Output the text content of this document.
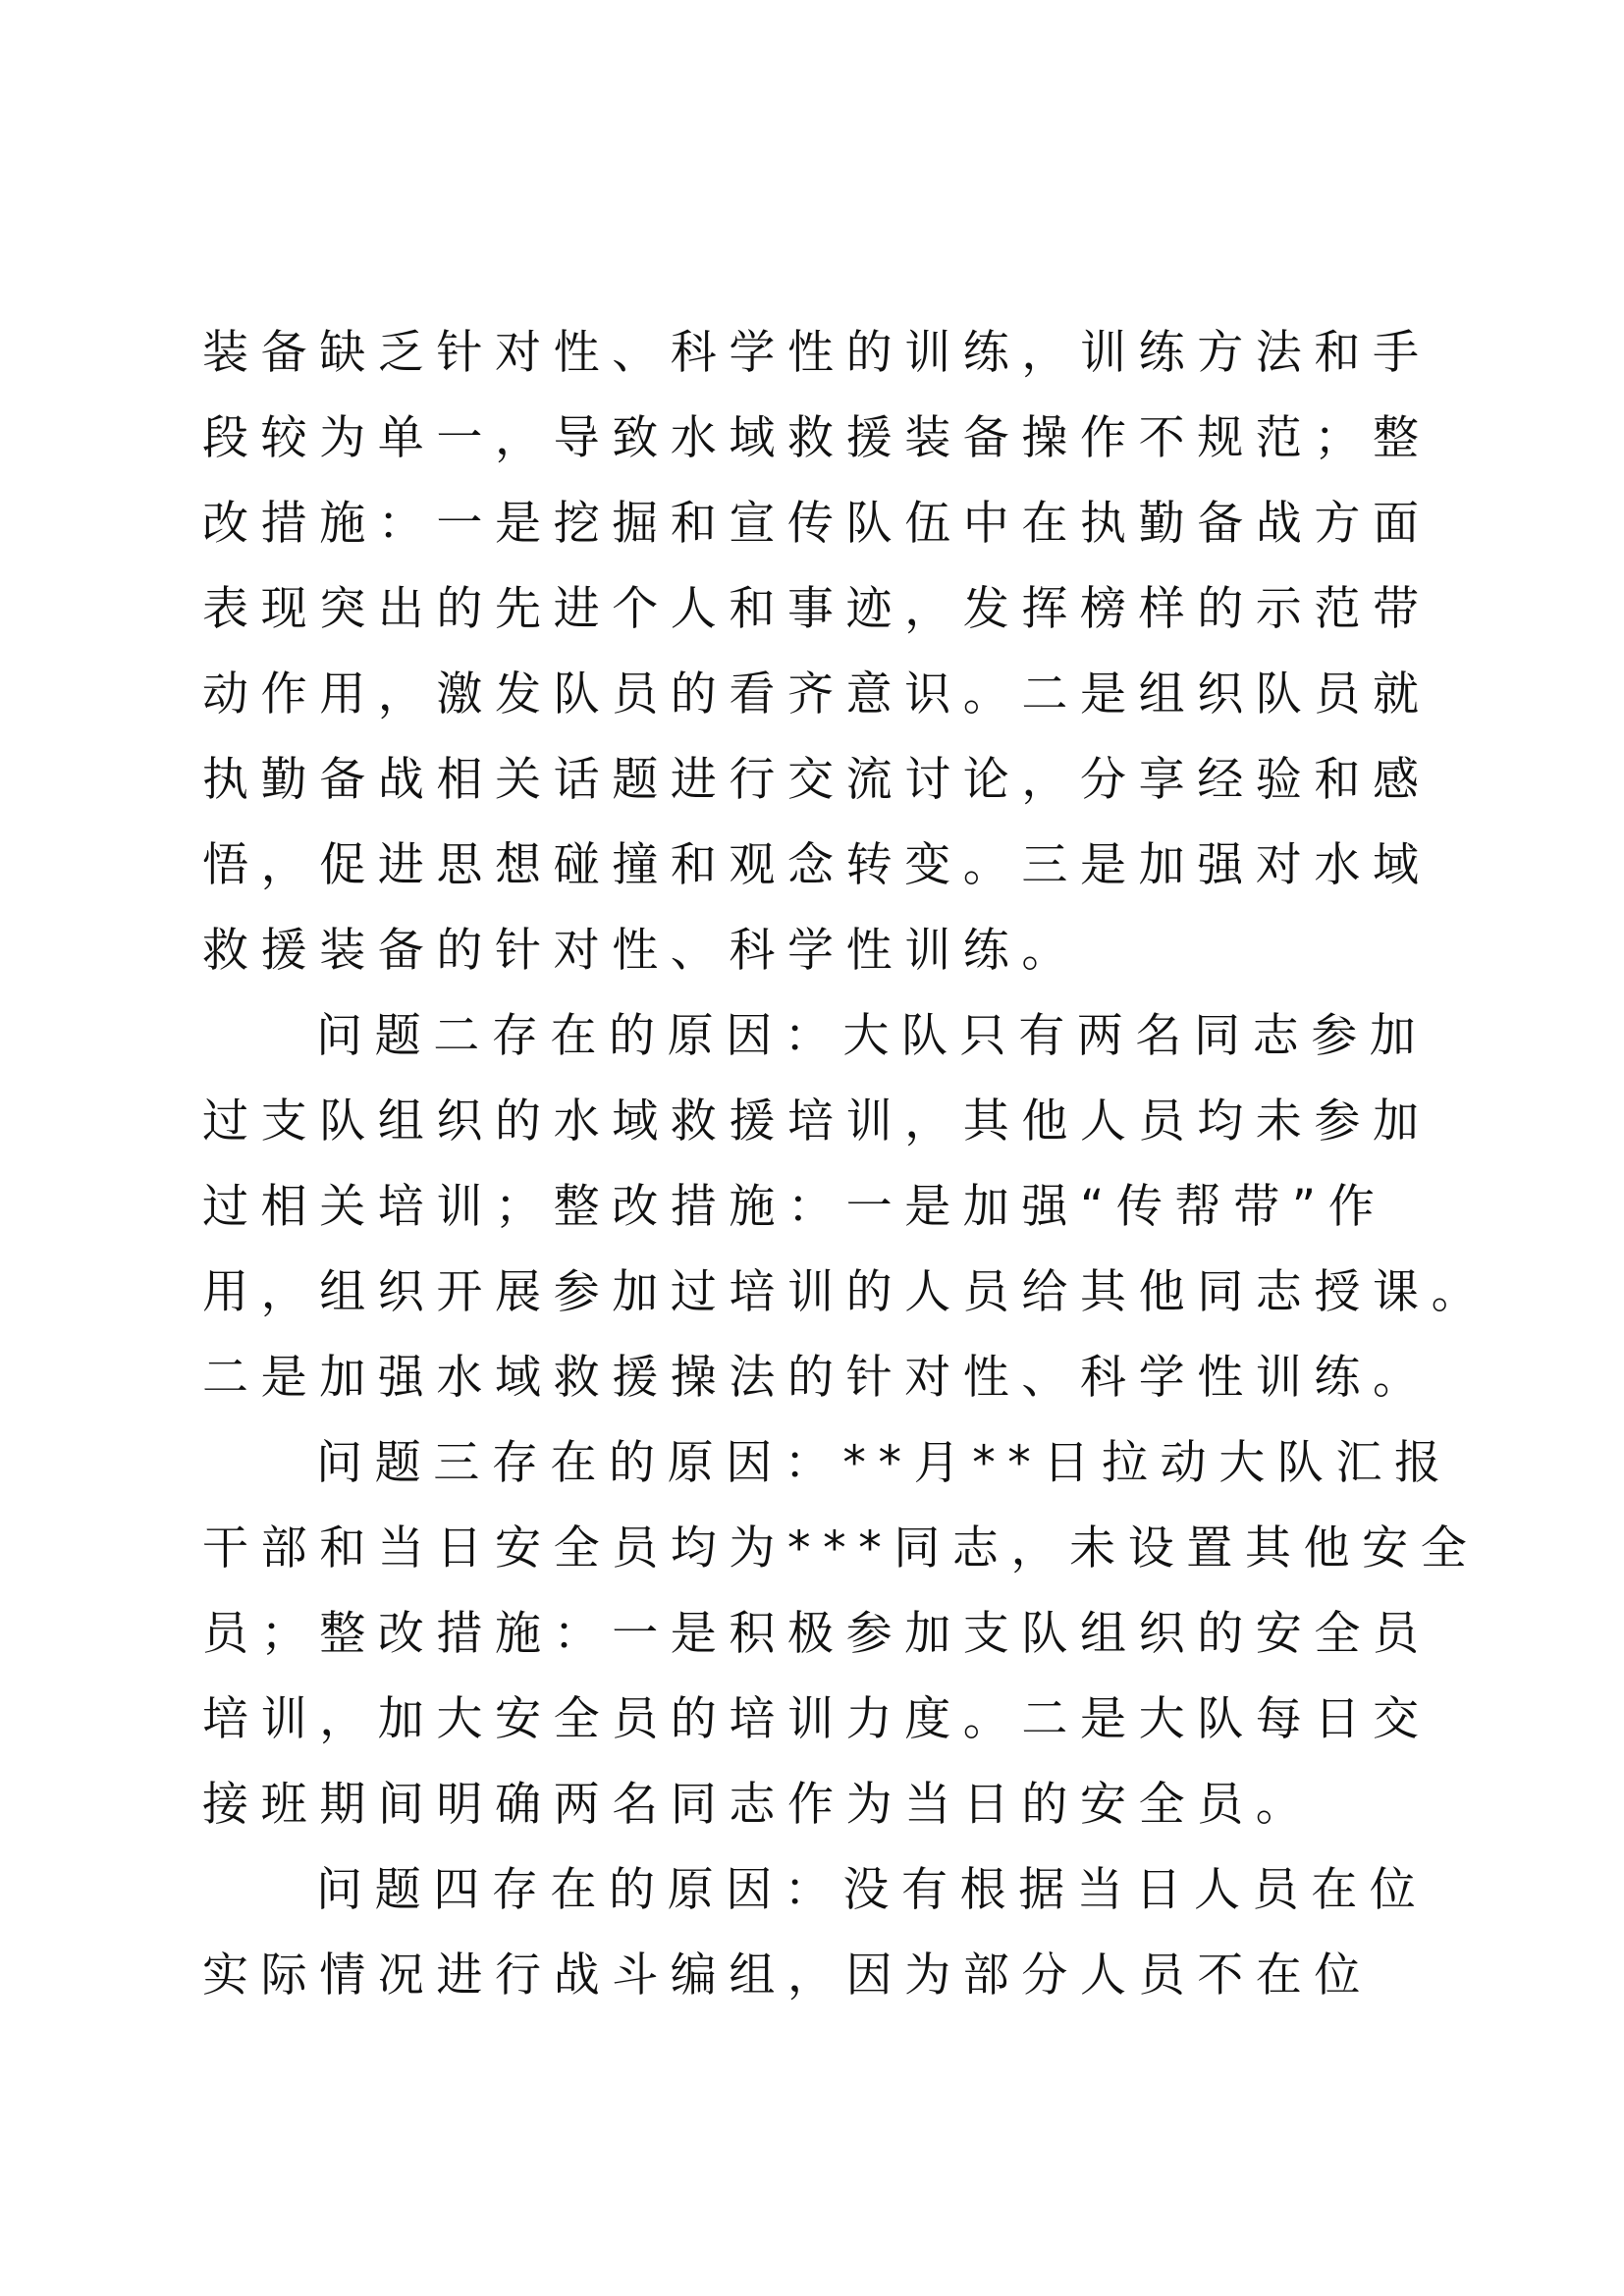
装备缺乏针对性、科学性的训练，训练方法和手
段较为单一，导致水域救援装备操作不规范；整
改措施：一是挖掘和宣传队伍中在执勤备战方面
表现突出的先进个人和事迹，发挥榜样的示范带
动作用，激发队员的看齐意识。二是组织队员就
执勤备战相关话题进行交流讨论，分享经验和感
悟，促进思想碰撞和观念转变。三是加强对水域
救援装备的针对性、科学性训练。
问题二存在的原因：大队只有两名同志参加
过支队组织的水域救援培训，其他人员均未参加
过相关培训；整改措施：一是加强“传帮带”作
用，组织开展参加过培训的人员给其他同志授课。
二是加强水域救援操法的针对性、科学性训练。
问题三存在的原因：**月**日拉动大队汇报
干部和当日安全员均为***同志，未设置其他安全
员；整改措施：一是积极参加支队组织的安全员
培训，加大安全员的培训力度。二是大队每日交
接班期间明确两名同志作为当日的安全员。
问题四存在的原因：没有根据当日人员在位
实际情况进行战斗编组，因为部分人员不在位
